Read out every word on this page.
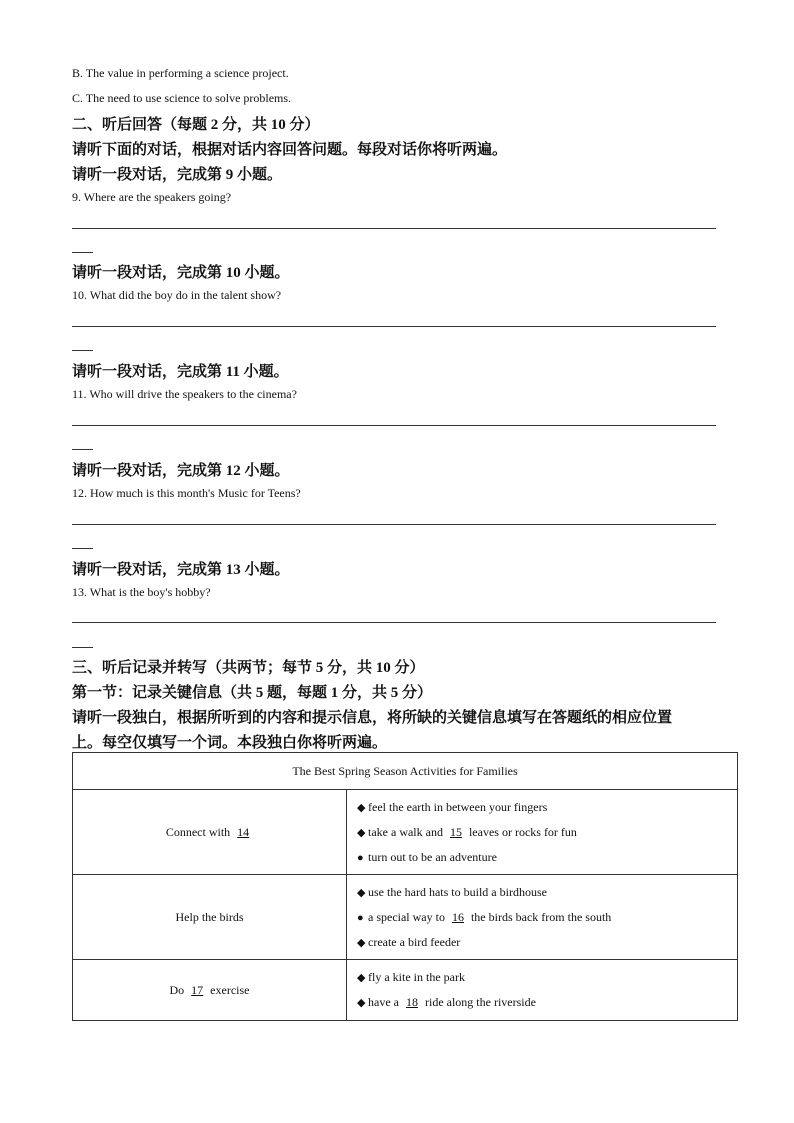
B. The value in performing a science project.
C. The need to use science to solve problems.
二、听后回答（每题 2 分，共 10 分）
请听下面的对话，根据对话内容回答问题。每段对话你将听两遍。
请听一段对话，完成第 9 小题。
9. Where are the speakers going?
请听一段对话，完成第 10 小题。
10. What did the boy do in the talent show?
请听一段对话，完成第 11 小题。
11. Who will drive the speakers to the cinema?
请听一段对话，完成第 12 小题。
12. How much is this month's Music for Teens?
请听一段对话，完成第 13 小题。
13. What is the boy's hobby?
三、听后记录并转写（共两节；每节 5 分，共 10 分）
第一节：记录关键信息（共 5 题，每题 1 分，共 5 分）
请听一段独白，根据所听到的内容和提示信息，将所缺的关键信息填写在答题纸的相应位置
上。每空仅填写一个词。本段独白你将听两遍。
The Best Spring Season Activities for Families	
Connect with 14	◆ feel the earth in between your fingers
◆ take a walk and 15 leaves or rocks for fun
● turn out to be an adventure

Help the birds	◆ use the hard hats to build a birdhouse
● a special way to 16 the birds back from the south
◆ create a bird feeder

Do 17 exercise	◆ fly a kite in the park
◆ have a 18 ride along the riverside
